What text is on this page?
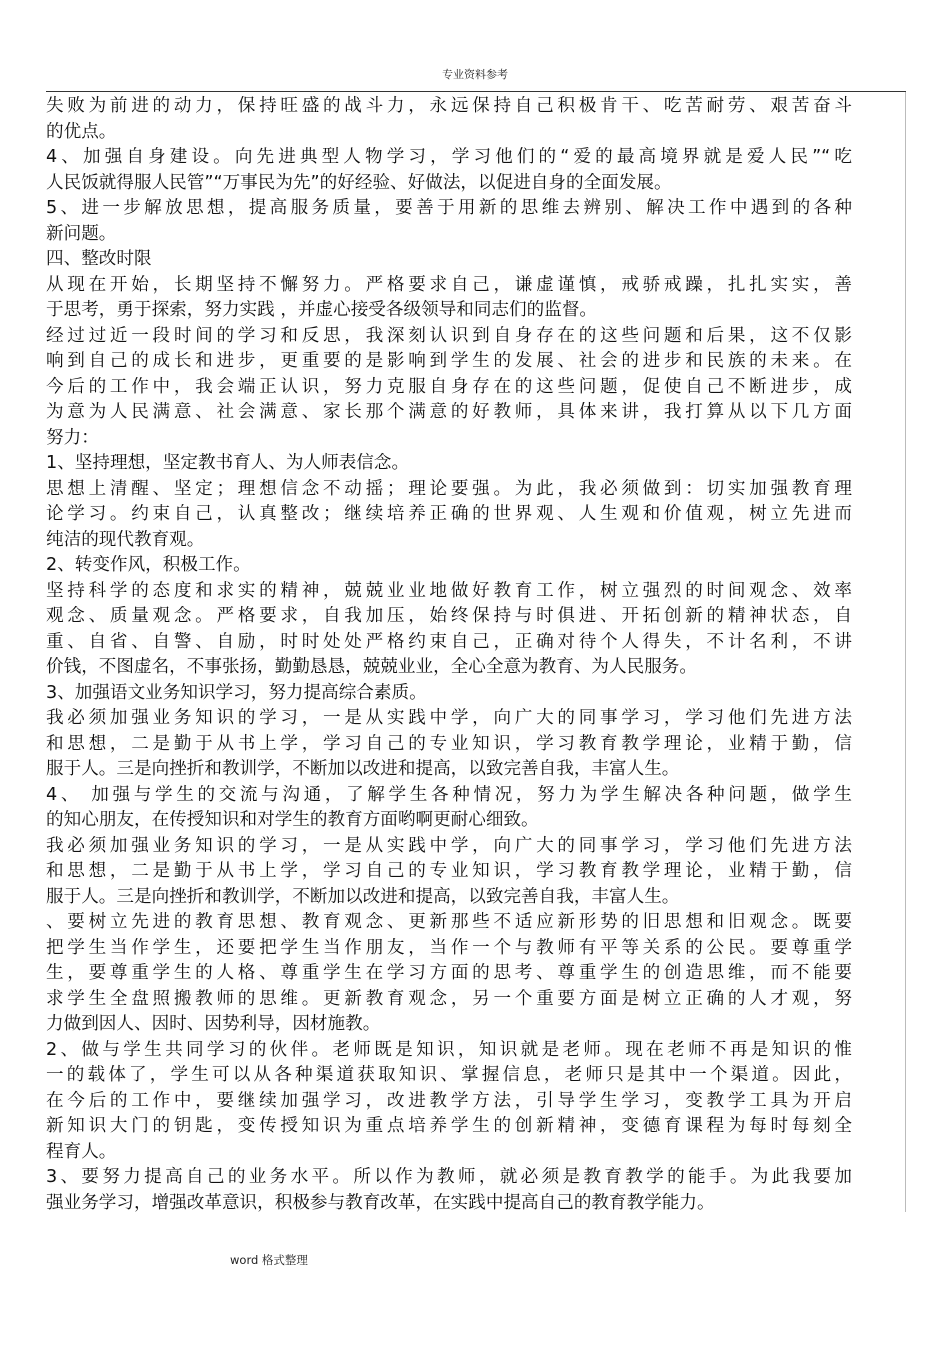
专业资料参考
失败为前进的动力，保持旺盛的战斗力，永远保持自己积极肯干、吃苦耐劳、艰苦奋斗
的优点。
4、加强自身建设。向先进典型人物学习，学习他们的“爱的最高境界就是爱人民”“吃
人民饭就得服人民管”“万事民为先”的好经验、好做法，以促进自身的全面发展。
5、进一步解放思想，提高服务质量，要善于用新的思维去辨别、解决工作中遇到的各种
新问题。
四、整改时限
从现在开始，长期坚持不懈努力。严格要求自己，谦虚谨慎，戒骄戒躁，扎扎实实，善
于思考，勇于探索，努力实践 ，并虚心接受各级领导和同志们的监督。
经过过近一段时间的学习和反思，我深刻认识到自身存在的这些问题和后果，这不仅影
响到自己的成长和进步，更重要的是影响到学生的发展、社会的进步和民族的未来。在
今后的工作中，我会端正认识，努力克服自身存在的这些问题，促使自己不断进步，成
为意为人民满意、社会满意、家长那个满意的好教师，具体来讲，我打算从以下几方面
努力：
1、坚持理想，坚定教书育人、为人师表信念。
思想上清醒、坚定；理想信念不动摇；理论要强。为此，我必须做到：切实加强教育理
论学习。约束自己，认真整改；继续培养正确的世界观、人生观和价值观，树立先进而
纯洁的现代教育观。
2、转变作风，积极工作。
坚持科学的态度和求实的精神，兢兢业业地做好教育工作，树立强烈的时间观念、效率
观念、质量观念。严格要求，自我加压，始终保持与时俱进、开拓创新的精神状态，自
重、自省、自警、自励，时时处处严格约束自己，正确对待个人得失，不计名利，不讲
价钱，不图虚名，不事张扬，勤勤恳恳，兢兢业业，全心全意为教育、为人民服务。
3、加强语文业务知识学习，努力提高综合素质。
我必须加强业务知识的学习，一是从实践中学，向广大的同事学习，学习他们先进方法
和思想，二是勤于从书上学，学习自己的专业知识，学习教育教学理论，业精于勤，信
服于人。三是向挫折和教训学，不断加以改进和提高，以致完善自我，丰富人生。
4、 加强与学生的交流与沟通，了解学生各种情况，努力为学生解决各种问题，做学生
的知心朋友，在传授知识和对学生的教育方面哟啊更耐心细致。
我必须加强业务知识的学习，一是从实践中学，向广大的同事学习，学习他们先进方法
和思想，二是勤于从书上学，学习自己的专业知识，学习教育教学理论，业精于勤，信
服于人。三是向挫折和教训学，不断加以改进和提高，以致完善自我，丰富人生。
、要树立先进的教育思想、教育观念、更新那些不适应新形势的旧思想和旧观念。既要
把学生当作学生，还要把学生当作朋友，当作一个与教师有平等关系的公民。要尊重学
生，要尊重学生的人格、尊重学生在学习方面的思考、尊重学生的创造思维，而不能要
求学生全盘照搬教师的思维。更新教育观念，另一个重要方面是树立正确的人才观，努
力做到因人、因时、因势利导，因材施教。
2、做与学生共同学习的伙伴。老师既是知识，知识就是老师。现在老师不再是知识的惟
一的载体了，学生可以从各种渠道获取知识、掌握信息，老师只是其中一个渠道。因此，
在今后的工作中，要继续加强学习，改进教学方法，引导学生学习，变教学工具为开启
新知识大门的钥匙，变传授知识为重点培养学生的创新精神，变德育课程为每时每刻全
程育人。
3、要努力提高自己的业务水平。所以作为教师，就必须是教育教学的能手。为此我要加
强业务学习，增强改革意识，积极参与教育改革，在实践中提高自己的教育教学能力。
word 格式整理
